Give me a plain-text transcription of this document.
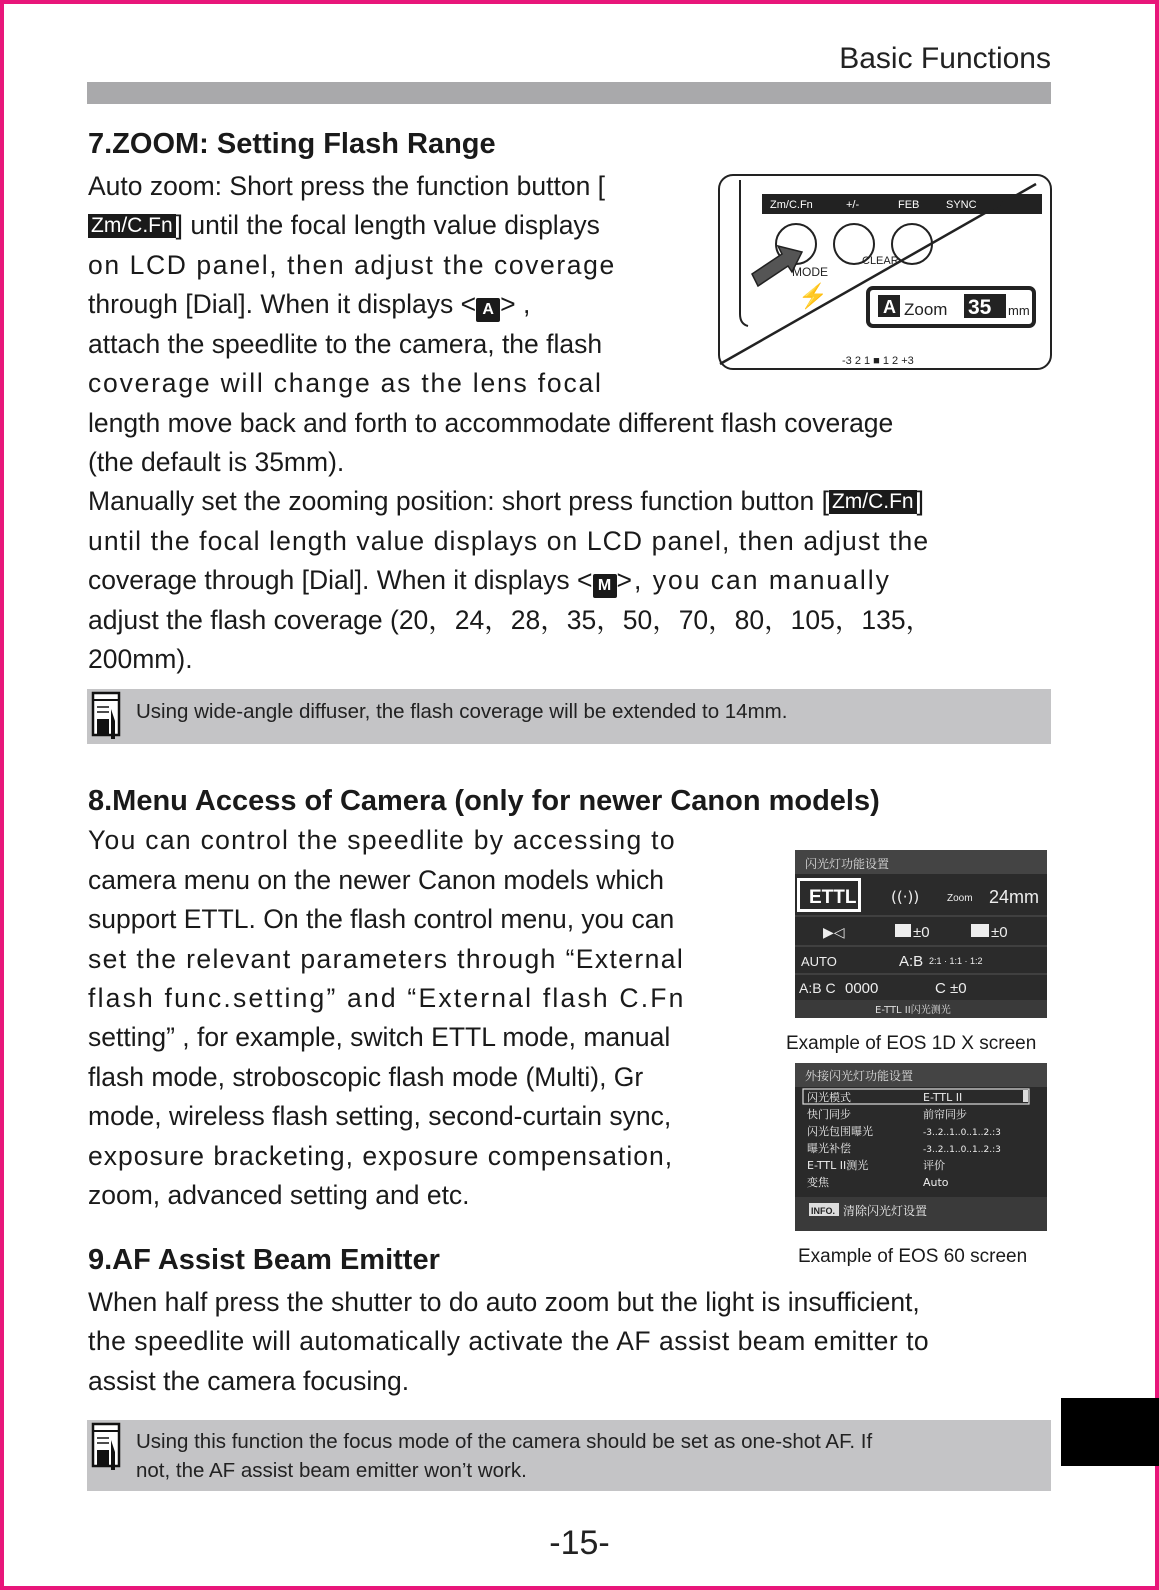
Basic Functions
7.ZOOM: Setting Flash Range
Auto zoom: Short press the function button [
Zm/C.Fn ] until the focal length value displays
on LCD panel, then adjust the coverage
through [Dial]. When it displays < A > ,
attach the speedlite to the camera, the flash
coverage will change as the lens focal
length move back and forth to accommodate different flash coverage
(the default is 35mm).
Manually set the zooming position: short press function button [ Zm/C.Fn ]
until the focal length value displays on LCD panel, then adjust the
coverage through [Dial]. When it displays < M >, you can manually
adjust the flash coverage (20，24，28，35，50，70，80，105，135，
200mm).
Zm/C.Fn	+/-	FEB SYNC
MODE
CLEAR
⚡	A Zoom 35 mm
-3 2 1 ■ 1 2 +3
Using wide-angle diffuser, the flash coverage will be extended to 14mm.
8.Menu Access of Camera (only for newer Canon models)
You can control the speedlite by accessing to
camera menu on the newer Canon models which
support ETTL. On the flash control menu, you can
set the relevant parameters through “External
flash func.setting” and “External flash C.Fn
setting” , for example, switch ETTL mode, manual
flash mode, stroboscopic flash mode (Multi), Gr
mode, wireless flash setting, second-curtain sync,
exposure bracketing, exposure compensation,
zoom, advanced setting and etc.
闪光灯功能设置
ETTL ((·))	Zoom 24mm
▶◁	±0	±0
AUTO	A:B 2:1 · 1:1 · 1:2
A:B C 0000	C ±0
E-TTL II闪光测光
Example of EOS 1D X screen
外接闪光灯功能设置
闪光模式	E-TTL II
快门同步	前帘同步
闪光包围曝光	-3..2..1..0..1..2.:3
曝光补偿	-3..2..1..0..1..2.:3
E-TTL II测光	评价
变焦	Auto
INFO. 清除闪光灯设置
Example of EOS 60 screen
9.AF Assist Beam Emitter
When half press the shutter to do auto zoom but the light is insufficient,
the speedlite will automatically activate the AF assist beam emitter to
assist the camera focusing.
Using this function the focus mode of the camera should be set as one-shot AF. If
not, the AF assist beam emitter won’t work.
-15-
